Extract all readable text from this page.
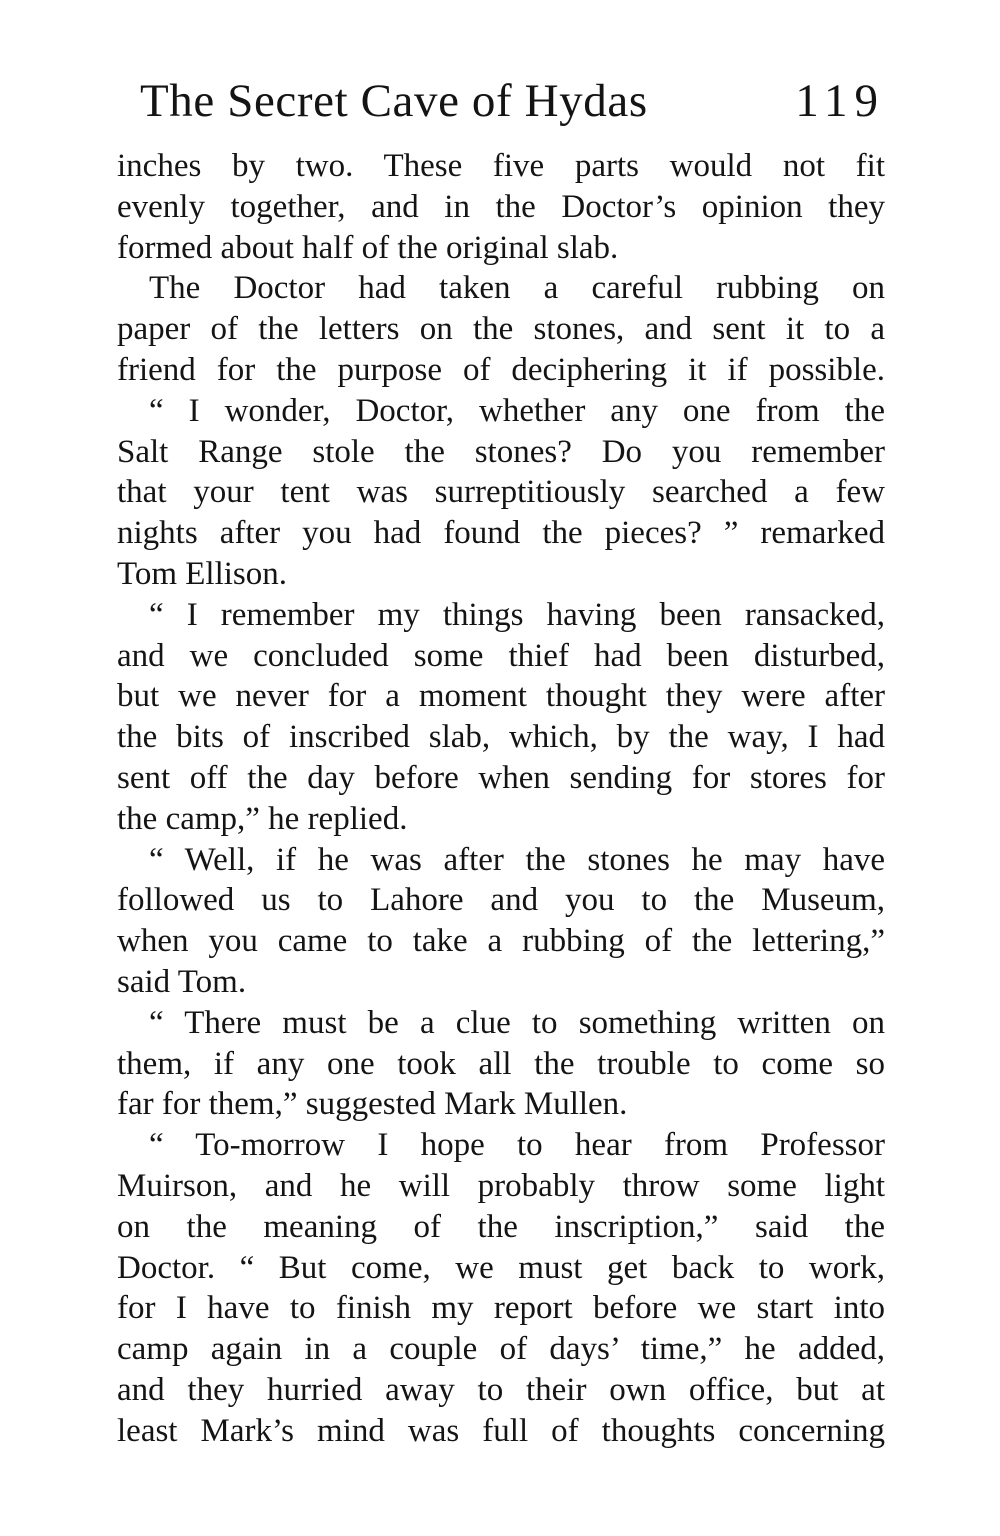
The Secret Cave of Hydas	119
inches by two. These five parts would not fit
evenly together, and in the Doctor’s opinion they
formed about half of the original slab.
The Doctor had taken a careful rubbing on
paper of the letters on the stones, and sent it to a
friend for the purpose of deciphering it if possible.
“ I wonder, Doctor, whether any one from the
Salt Range stole the stones? Do you remember
that your tent was surreptitiously searched a few
nights after you had found the pieces? ” remarked
Tom Ellison.
“ I remember my things having been ransacked,
and we concluded some thief had been disturbed,
but we never for a moment thought they were after
the bits of inscribed slab, which, by the way, I had
sent off the day before when sending for stores for
the camp,” he replied.
“ Well, if he was after the stones he may have
followed us to Lahore and you to the Museum,
when you came to take a rubbing of the lettering,”
said Tom.
“ There must be a clue to something written on
them, if any one took all the trouble to come so
far for them,” suggested Mark Mullen.
“ To-morrow I hope to hear from Professor
Muirson, and he will probably throw some light
on the meaning of the inscription,” said the
Doctor. “ But come, we must get back to work,
for I have to finish my report before we start into
camp again in a couple of days’ time,” he added,
and they hurried away to their own office, but at
least Mark’s mind was full of thoughts concerning
